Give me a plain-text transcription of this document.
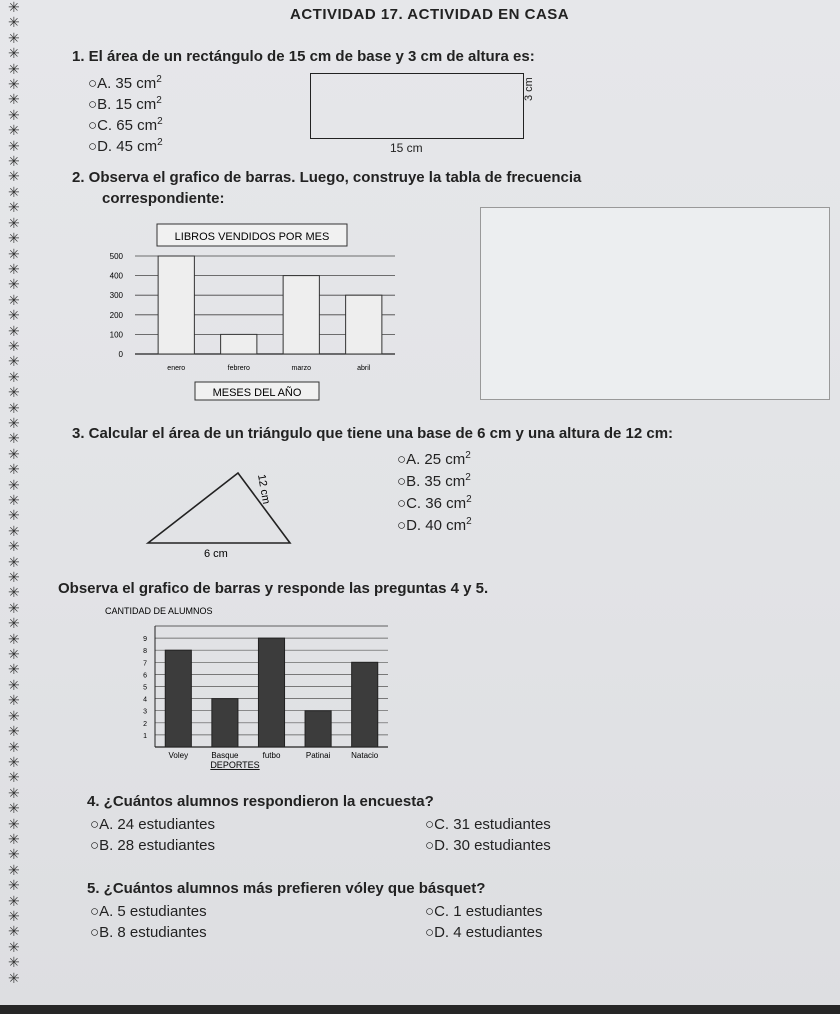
✳
✳
✳
✳
✳
✳
✳
✳
✳
✳
✳
✳
✳
✳
✳
✳
✳
✳
✳
✳
✳
✳
✳
✳
✳
✳
✳
✳
✳
✳
✳
✳
✳
✳
✳
✳
✳
✳
✳
✳
✳
✳
✳
✳
✳
✳
✳
✳
✳
✳
✳
✳
✳
✳
✳
✳
✳
✳
✳
✳
✳
✳
✳
✳
ACTIVIDAD 17. ACTIVIDAD EN CASA
1. El área de un rectángulo de 15 cm de base y 3 cm de altura es:
○A. 35 $cm^2$
○B. 15 $cm^2$
○C. 65 $cm^2$
○D. 45 $cm^2$	15 cm
3 cm
2. Observa el grafico de barras. Luego, construye la tabla de frecuencia
correspondiente:
LIBROS VENDIDOS POR MES
0
100
200
300
400
500
enero	febrero	marzo	abril
MESES DEL AÑO
3. Calcular el área de un triángulo que tiene una base de 6 cm y una altura de 12 cm:
○A. 25 $cm^2$
○B. 35 $cm^2$
○C. 36 $cm^2$
○D. 40 $cm^2$
6 cm
12 cm
Observa el grafico de barras y responde las preguntas 4 y 5.
CANTIDAD DE ALUMNOS
1
2
3
4
5
6
7
8
9
Voley	Basque	futbo	Patinai	Natacio
DEPORTES
4. ¿Cuántos alumnos respondieron la encuesta?
○A. 24 estudiantes
○B. 28 estudiantes
○C. 31 estudiantes
○D. 30 estudiantes
5. ¿Cuántos alumnos más prefieren vóley que básquet?
○A. 5 estudiantes
○B. 8 estudiantes
○C. 1 estudiantes
○D. 4 estudiantes
